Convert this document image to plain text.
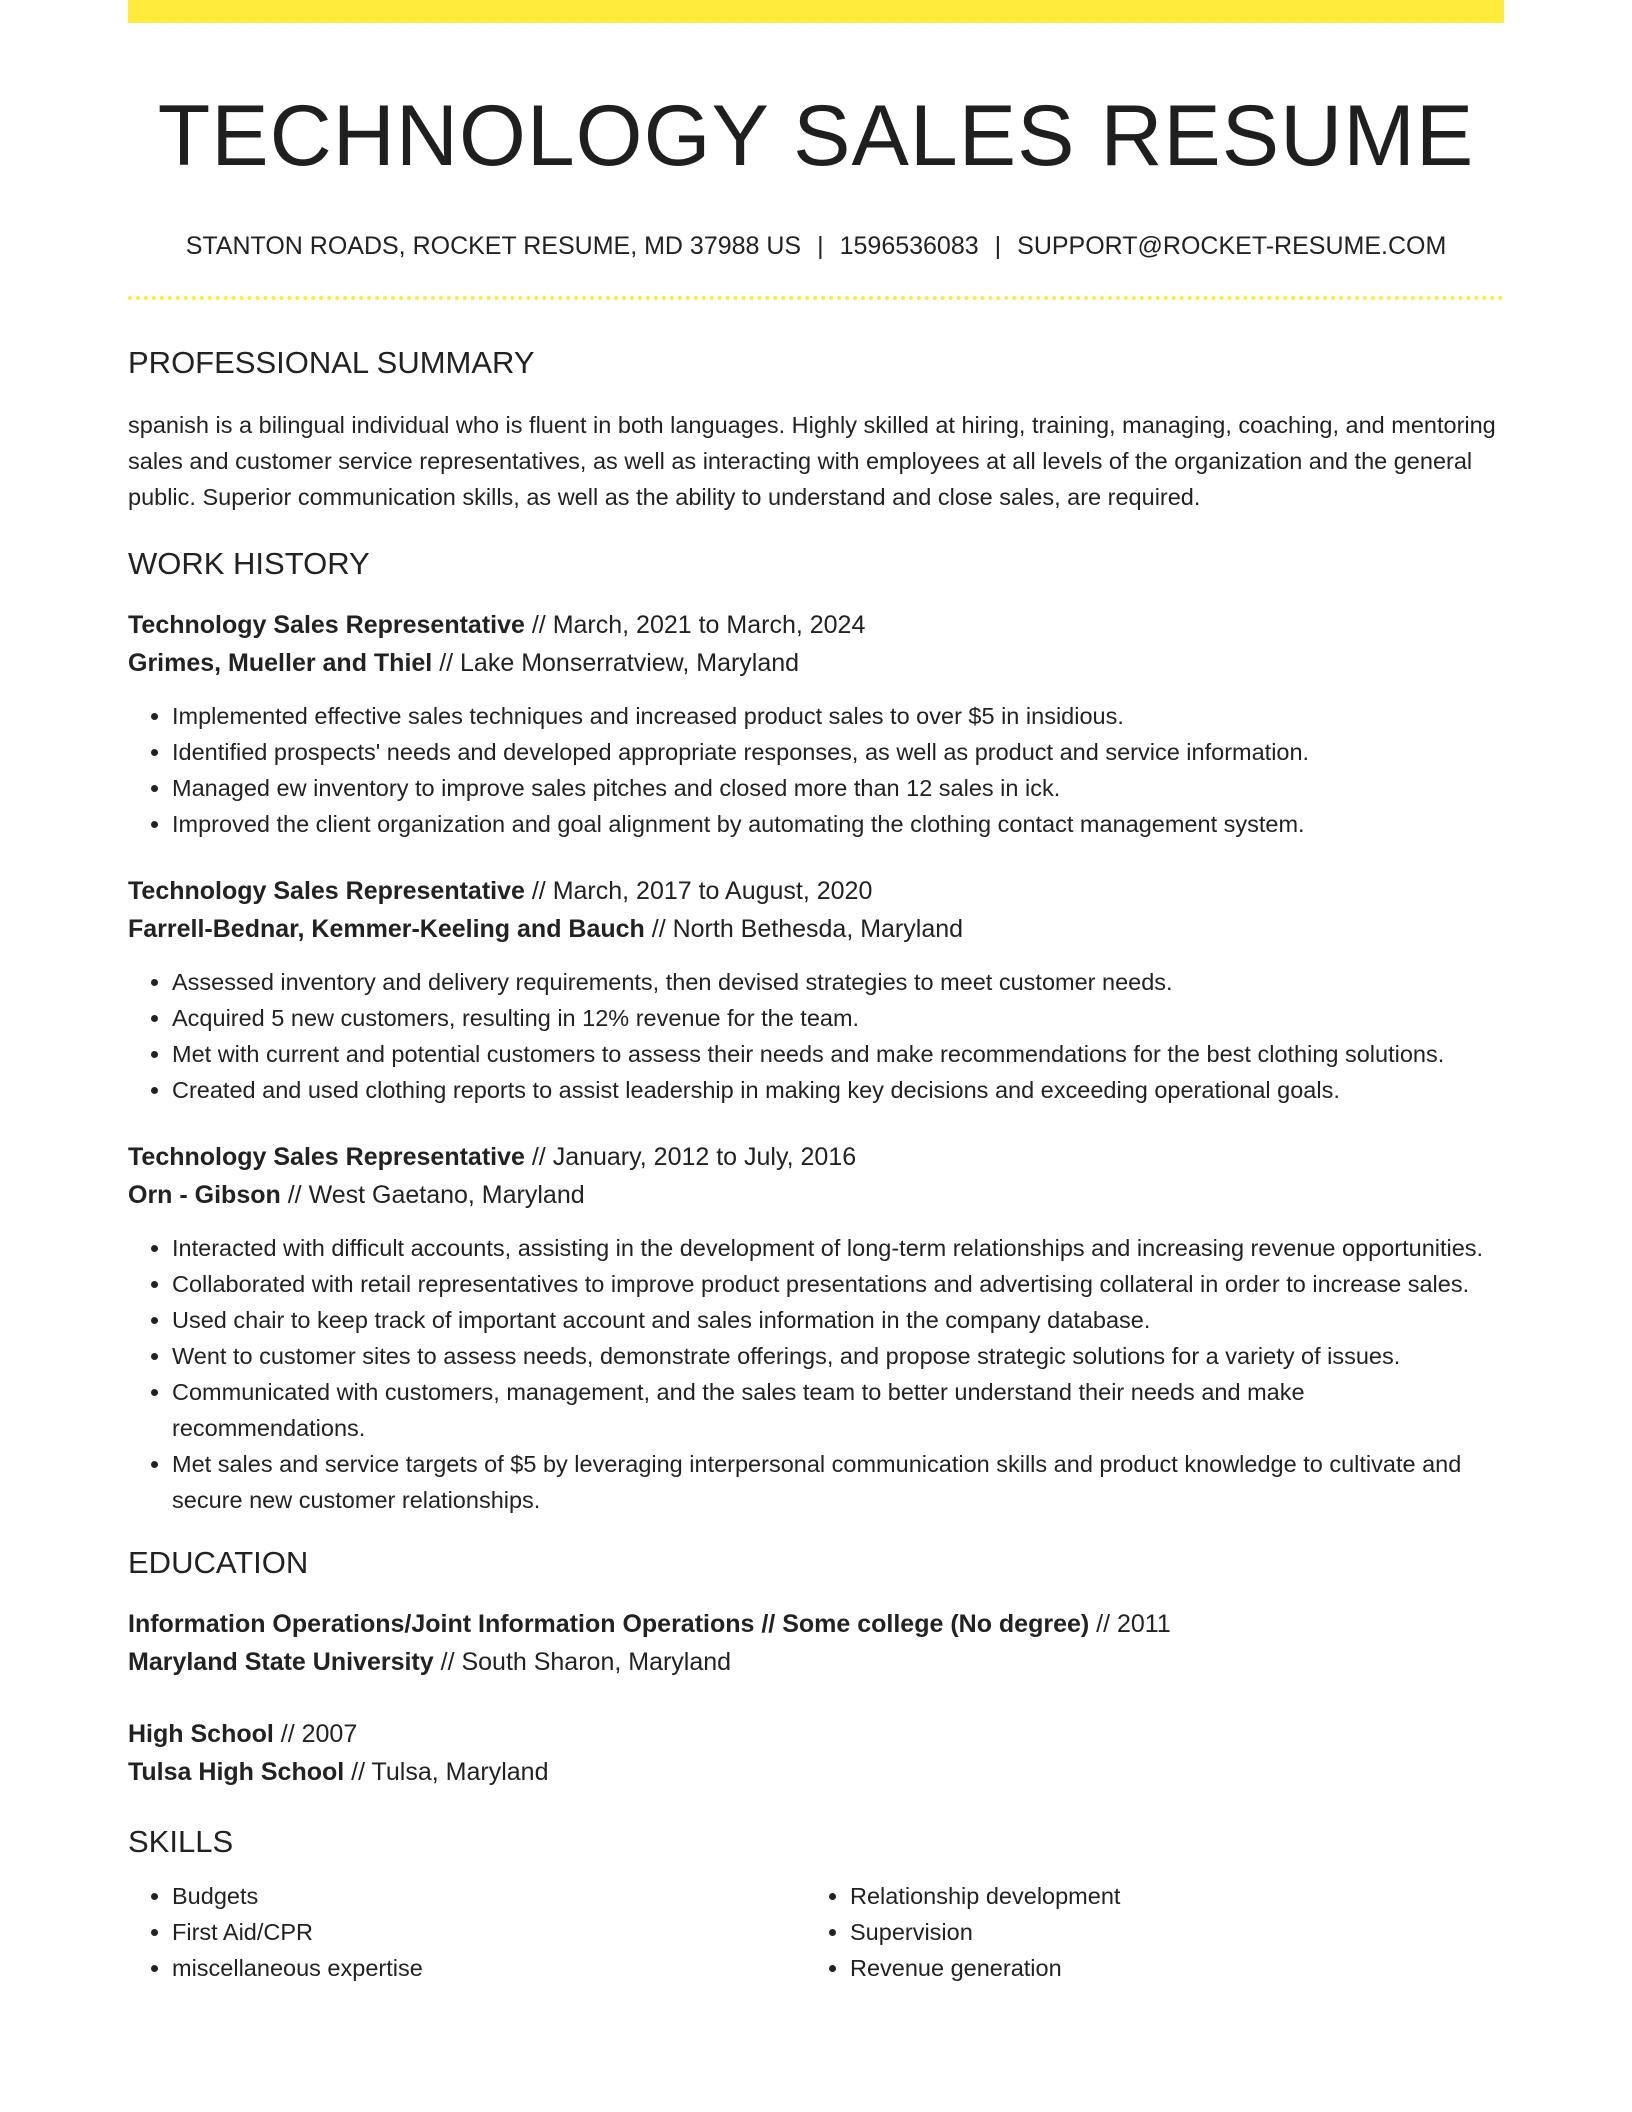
TECHNOLOGY SALES RESUME
STANTON ROADS, ROCKET RESUME, MD 37988 US | 1596536083 | SUPPORT@ROCKET-RESUME.COM
PROFESSIONAL SUMMARY

spanish is a bilingual individual who is fluent in both languages. Highly skilled at hiring, training, managing, coaching, and mentoring sales and customer service representatives, as well as interacting with employees at all levels of the organization and the general public. Superior communication skills, as well as the ability to understand and close sales, are required.

WORK HISTORY
Technology Sales Representative // March, 2021 to March, 2024
Grimes, Mueller and Thiel // Lake Monserratview, Maryland
• Implemented effective sales techniques and increased product sales to over $5 in insidious.
• Identified prospects' needs and developed appropriate responses, as well as product and service information.
• Managed ew inventory to improve sales pitches and closed more than 12 sales in ick.
• Improved the client organization and goal alignment by automating the clothing contact management system.
Technology Sales Representative // March, 2017 to August, 2020
Farrell-Bednar, Kemmer-Keeling and Bauch // North Bethesda, Maryland
• Assessed inventory and delivery requirements, then devised strategies to meet customer needs.
• Acquired 5 new customers, resulting in 12% revenue for the team.
• Met with current and potential customers to assess their needs and make recommendations for the best clothing solutions.
• Created and used clothing reports to assist leadership in making key decisions and exceeding operational goals.
Technology Sales Representative // January, 2012 to July, 2016
Orn - Gibson // West Gaetano, Maryland
• Interacted with difficult accounts, assisting in the development of long-term relationships and increasing revenue opportunities.
• Collaborated with retail representatives to improve product presentations and advertising collateral in order to increase sales.
• Used chair to keep track of important account and sales information in the company database.
• Went to customer sites to assess needs, demonstrate offerings, and propose strategic solutions for a variety of issues.
• Communicated with customers, management, and the sales team to better understand their needs and make recommendations.
• Met sales and service targets of $5 by leveraging interpersonal communication skills and product knowledge to cultivate and secure new customer relationships.
EDUCATION
Information Operations/Joint Information Operations // Some college (No degree) // 2011
Maryland State University // South Sharon, Maryland
High School // 2007
Tulsa High School // Tulsa, Maryland
SKILLS
• Budgets
• First Aid/CPR
• miscellaneous expertise
• Relationship development
• Supervision
• Revenue generation
